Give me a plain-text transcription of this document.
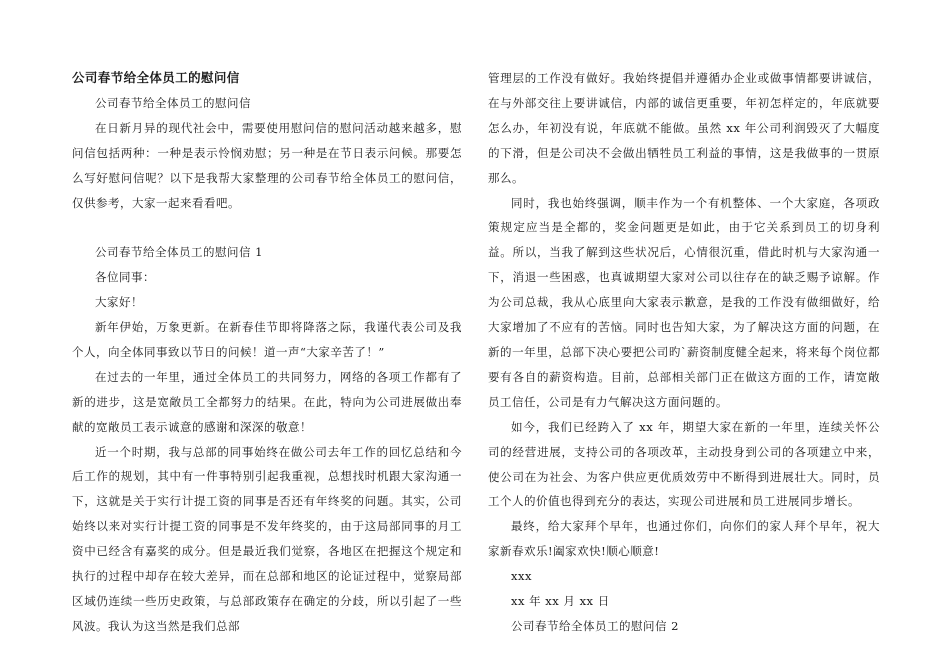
公司春节给全体员工的慰问信

公司春节给全体员工的慰问信

在日新月异的现代社会中，需要使用慰问信的慰问活动越来越多，慰问信包括两种：一种是表示怜悯劝慰；另一种是在节日表示问候。那要怎么写好慰问信呢？以下是我帮大家整理的公司春节给全体员工的慰问信，仅供参考，大家一起来看看吧。

公司春节给全体员工的慰问信 1

各位同事：

大家好！

新年伊始，万象更新。在新春佳节即将降落之际，我谨代表公司及我个人，向全体同事致以节日的问候！道一声“大家辛苦了！”

在过去的一年里，通过全体员工的共同努力，网络的各项工作都有了新的进步，这是宽敞员工全都努力的结果。在此，特向为公司进展做出奉献的宽敞员工表示诚意的感谢和深深的敬意！

近一个时期，我与总部的同事始终在做公司去年工作的回忆总结和今后工作的规划，其中有一件事特别引起我重视，总想找时机跟大家沟通一下，这就是关于实行计提工资的同事是否还有年终奖的问题。其实，公司始终以来对实行计提工资的同事是不发年终奖的，由于这局部同事的月工资中已经含有嘉奖的成分。但是最近我们觉察，各地区在把握这个规定和执行的过程中却存在较大差异，而在总部和地区的论证过程中，觉察局部区域仍连续一些历史政策，与总部政策存在确定的分歧，所以引起了一些风波。我认为这当然是我们总部

管理层的工作没有做好。我始终提倡并遵循办企业或做事情都要讲诚信，在与外部交往上要讲诚信，内部的诚信更重要，年初怎样定的，年底就要怎么办，年初没有说，年底就不能做。虽然 xx 年公司利润毁灭了大幅度的下滑，但是公司决不会做出牺牲员工利益的事情，这是我做事的一贯原那么。

同时，我也始终强调，顺丰作为一个有机整体、一个大家庭，各项政策规定应当是全都的，奖金问题更是如此，由于它关系到员工的切身利益。所以，当我了解到这些状况后，心情很沉重，借此时机与大家沟通一下，消退一些困惑，也真诚期望大家对公司以往存在的缺乏赐予谅解。作为公司总裁，我从心底里向大家表示歉意，是我的工作没有做细做好，给大家增加了不应有的苦恼。同时也告知大家，为了解决这方面的问题，在新的一年里，总部下决心要把公司旳`薪资制度健全起来，将来每个岗位都要有各自的薪资构造。目前，总部相关部门正在做这方面的工作，请宽敞员工信任，公司是有力气解决这方面问题的。

如今，我们已经跨入了 xx 年，期望大家在新的一年里，连续关怀公司的经营进展，支持公司的各项改革，主动投身到公司的各项建立中来，使公司在为社会、为客户供应更优质效劳中不断得到进展壮大。同时，员工个人的价值也得到充分的表达，实现公司进展和员工进展同步增长。

最终，给大家拜个早年，也通过你们，向你们的家人拜个早年，祝大家新春欢乐!阖家欢快!顺心顺意!

xxx

xx 年 xx 月 xx 日

公司春节给全体员工的慰问信 2
